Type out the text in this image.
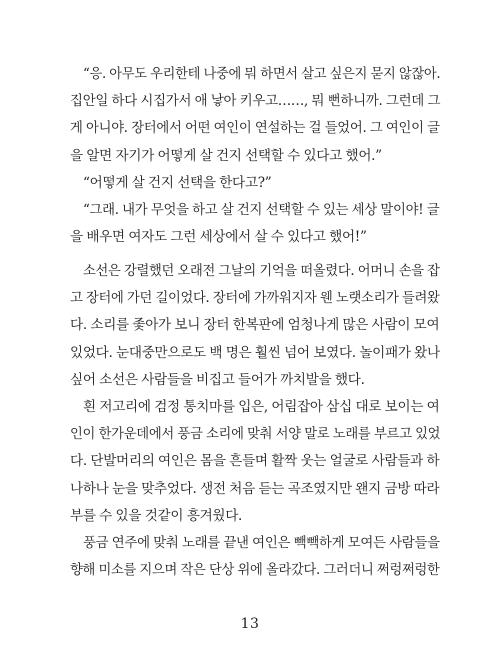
“응. 아무도 우리한테 나중에 뭐 하면서 살고 싶은지 묻지 않잖아.
집안일 하다 시집가서 애 낳아 키우고……, 뭐 뻔하니까. 그런데 그
게 아니야. 장터에서 어떤 여인이 연설하는 걸 들었어. 그 여인이 글
을 알면 자기가 어떻게 살 건지 선택할 수 있다고 했어.”
“어떻게 살 건지 선택을 한다고?”
“그래. 내가 무엇을 하고 살 건지 선택할 수 있는 세상 말이야! 글
을 배우면 여자도 그런 세상에서 살 수 있다고 했어!”
소선은 강렬했던 오래전 그날의 기억을 떠올렸다. 어머니 손을 잡
고 장터에 가던 길이었다. 장터에 가까워지자 웬 노랫소리가 들려왔
다. 소리를 좇아가 보니 장터 한복판에 엄청나게 많은 사람이 모여
있었다. 눈대중만으로도 백 명은 훨씬 넘어 보였다. 놀이패가 왔나
싶어 소선은 사람들을 비집고 들어가 까치발을 했다.
흰 저고리에 검정 통치마를 입은, 어림잡아 삼십 대로 보이는 여
인이 한가운데에서 풍금 소리에 맞춰 서양 말로 노래를 부르고 있었
다. 단발머리의 여인은 몸을 흔들며 활짝 웃는 얼굴로 사람들과 하
나하나 눈을 맞추었다. 생전 처음 듣는 곡조였지만 왠지 금방 따라
부를 수 있을 것같이 흥겨웠다.
풍금 연주에 맞춰 노래를 끝낸 여인은 빽빽하게 모여든 사람들을
향해 미소를 지으며 작은 단상 위에 올라갔다. 그러더니 쩌렁쩌렁한
13
